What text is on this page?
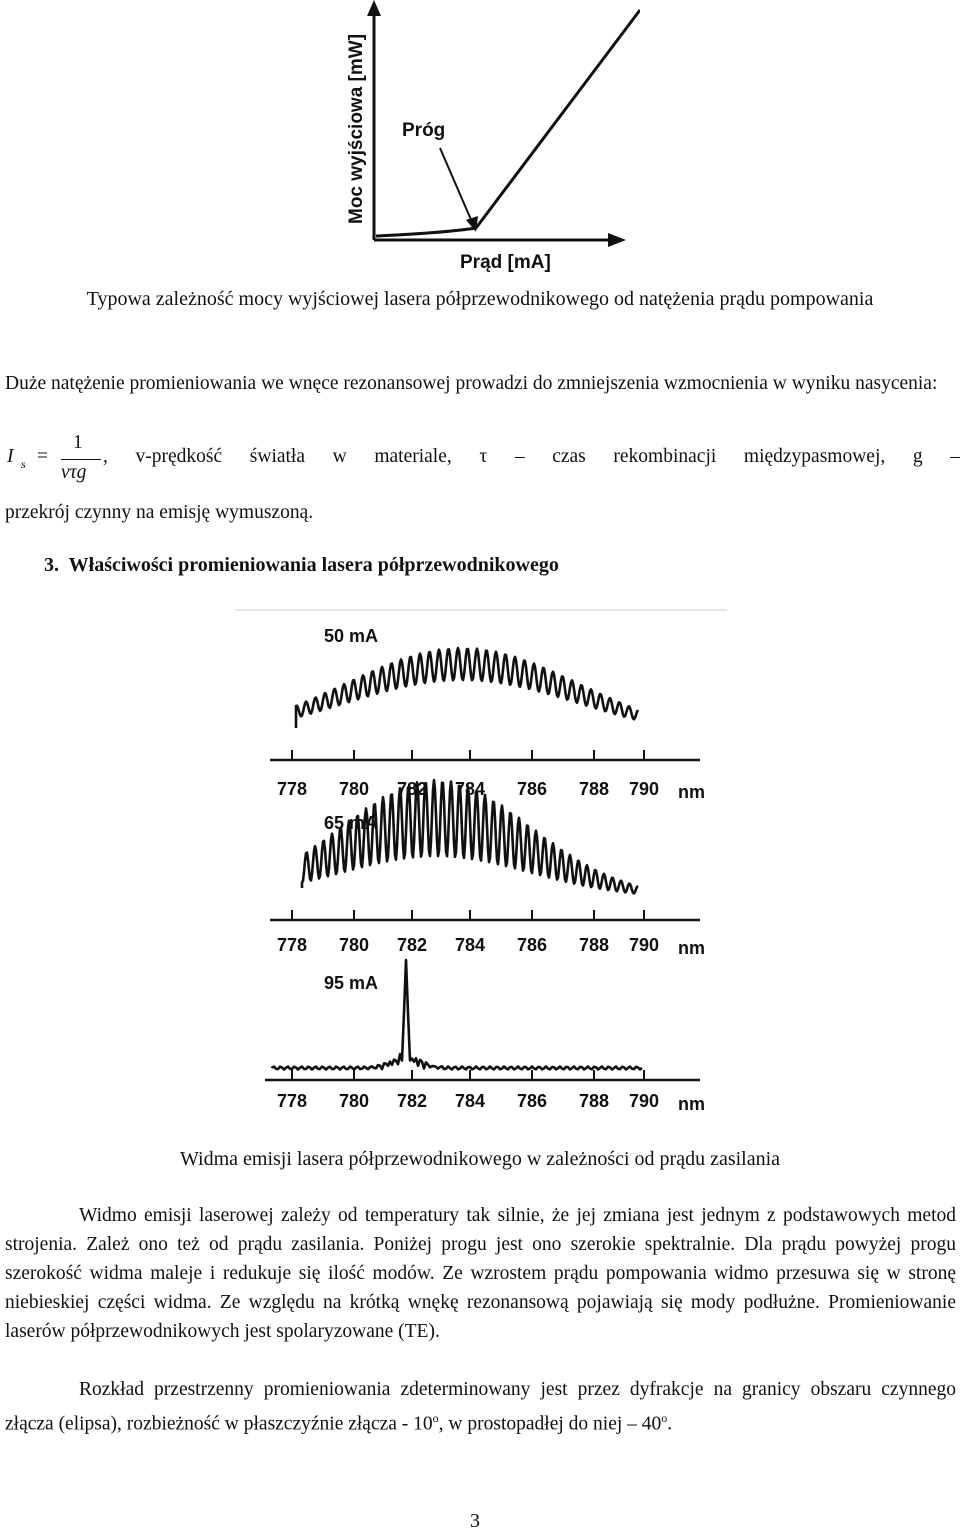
Moc wyjściowa [mW] Próg
Prąd [mA]
Typowa zależność mocy wyjściowej lasera półprzewodnikowego od natężenia prądu pompowania
Duże natężenie promieniowania we wnęce rezonansowej prowadzi do zmniejszenia wzmocnienia w wyniku nasycenia:
I s =
1
vτg
, v-prędkość światła w materiale, τ – czas rekombinacji międzypasmowej, g –
przekrój czynny na emisję wymuszoną.
3.  Właściwości promieniowania lasera półprzewodnikowego
50 mA
778 780 782 784 786 788 790 nm
65 mA
778 780 782 784 786 788 790 nm
95 mA
778 780 782 784 786 788 790 nm
Widma emisji lasera półprzewodnikowego w zależności od prądu zasilania
Widmo emisji laserowej zależy od temperatury tak silnie, że jej zmiana jest jednym z podstawowych metod strojenia. Zależ ono też od prądu zasilania. Poniżej progu jest ono szerokie spektralnie. Dla prądu powyżej progu szerokość widma maleje i redukuje się ilość modów. Ze wzrostem prądu pompowania widmo przesuwa się w stronę niebieskiej części widma. Ze względu na krótką wnękę rezonansową pojawiają się mody podłużne. Promieniowanie laserów półprzewodnikowych jest spolaryzowane (TE).
Rozkład przestrzenny promieniowania zdeterminowany jest przez dyfrakcje na granicy obszaru czynnego złącza (elipsa), rozbieżność w płaszczyźnie złącza - 10$^o$, w prostopadłej do niej – 40$^o$.
3
